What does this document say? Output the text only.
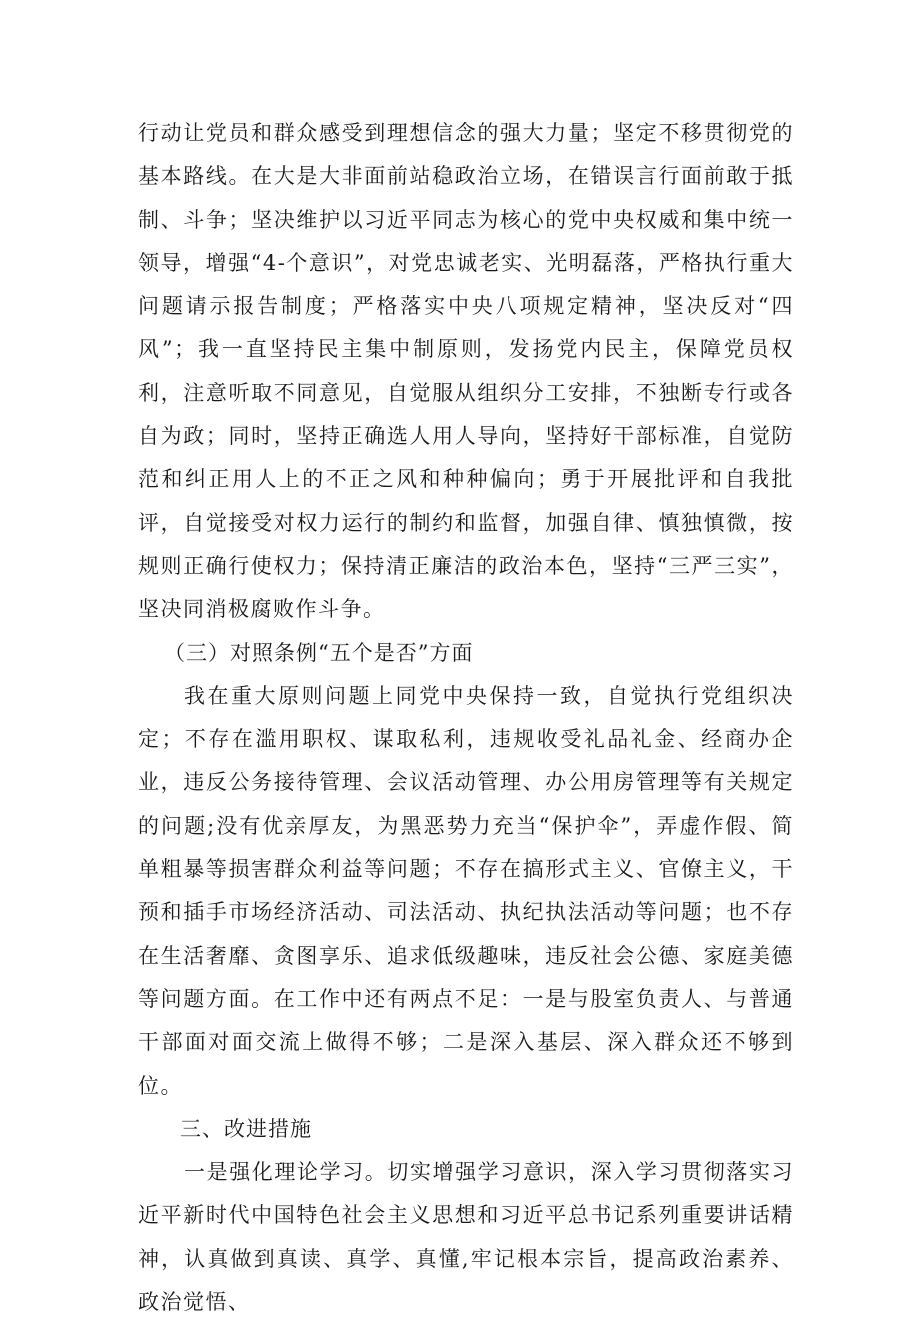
行动让党员和群众感受到理想信念的强大力量；坚定不移贯彻党的基本路线。在大是大非面前站稳政治立场，在错误言行面前敢于抵制、斗争；坚决维护以习近平同志为核心的党中央权威和集中统一领导，增强“4-个意识”，对党忠诚老实、光明磊落，严格执行重大问题请示报告制度；严格落实中央八项规定精神，坚决反对“四风”；我一直坚持民主集中制原则，发扬党内民主，保障党员权利，注意听取不同意见，自觉服从组织分工安排，不独断专行或各自为政；同时，坚持正确选人用人导向，坚持好干部标准，自觉防范和纠正用人上的不正之风和种种偏向；勇于开展批评和自我批评，自觉接受对权力运行的制约和监督，加强自律、慎独慎微，按规则正确行使权力；保持清正廉洁的政治本色，坚持“三严三实”，坚决同消极腐败作斗争。

（三）对照条例“五个是否”方面

我在重大原则问题上同党中央保持一致，自觉执行党组织决定；不存在滥用职权、谋取私利，违规收受礼品礼金、经商办企业，违反公务接待管理、会议活动管理、办公用房管理等有关规定的问题;没有优亲厚友，为黑恶势力充当“保护伞”，弄虚作假、简单粗暴等损害群众利益等问题；不存在搞形式主义、官僚主义，干预和插手市场经济活动、司法活动、执纪执法活动等问题；也不存在生活奢靡、贪图享乐、追求低级趣味，违反社会公德、家庭美德等问题方面。在工作中还有两点不足：一是与股室负责人、与普通干部面对面交流上做得不够；二是深入基层、深入群众还不够到位。

三、改进措施

一是强化理论学习。切实增强学习意识，深入学习贯彻落实习近平新时代中国特色社会主义思想和习近平总书记系列重要讲话精神，认真做到真读、真学、真懂,牢记根本宗旨，提高政治素养、政治觉悟、
